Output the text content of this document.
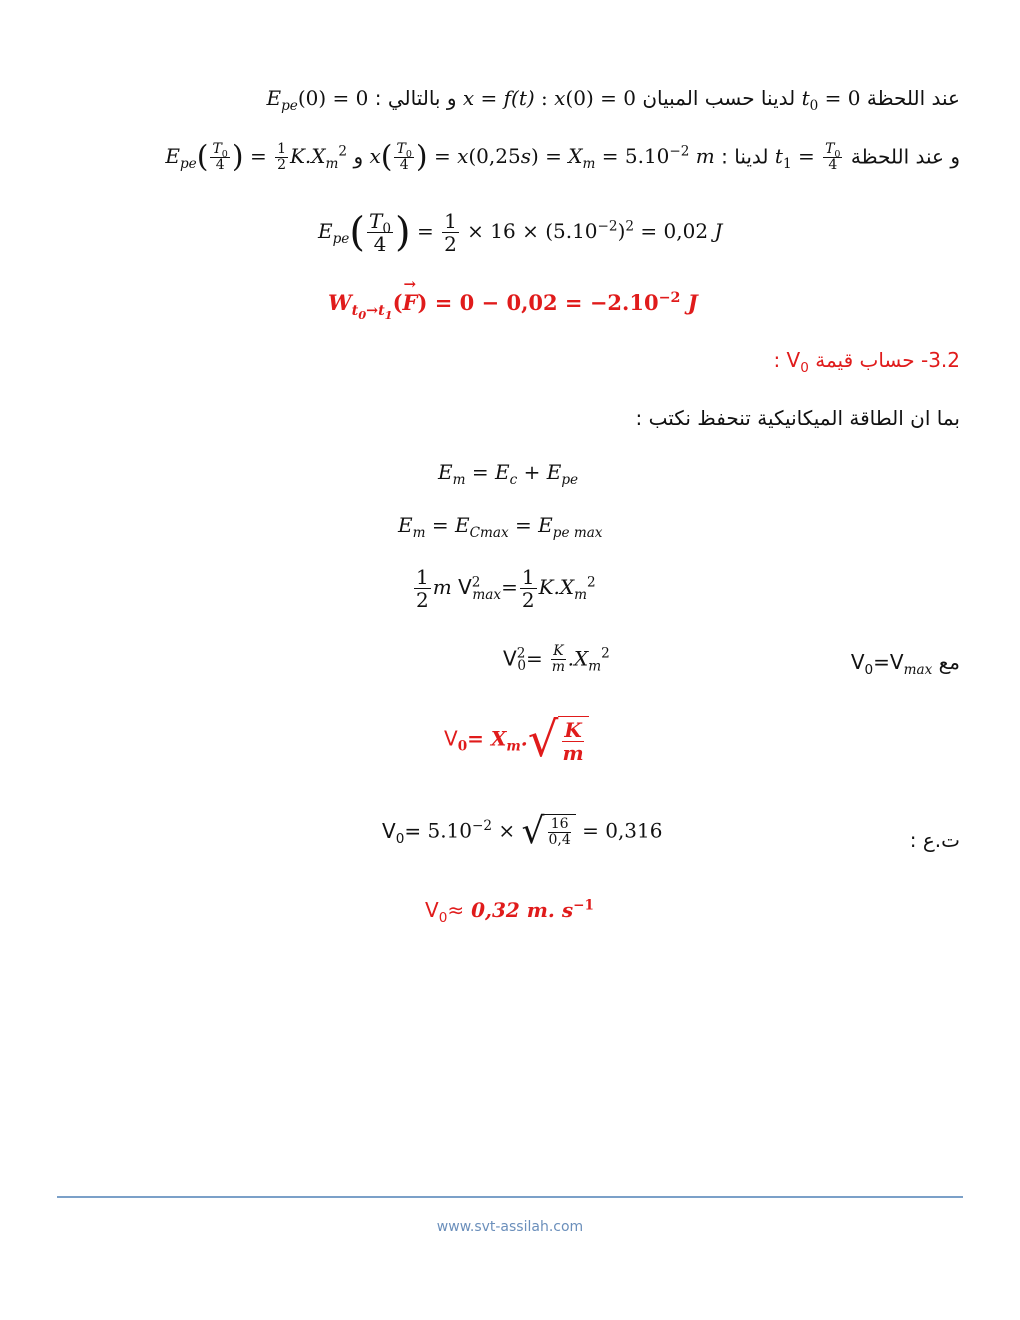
عند اللحظة $t_0 = 0$ لدينا حسب المبيان x = f(t) : x(0) = 0 و بالتالي : $E_{pe}(0) = 0$
و عند اللحظة $t_1 = \frac{T_0}{4}$
لدينا : $x( \frac{T_0}{4}$ ) = $x(0,25s) = X_m = 5.10^{-2}$ m و $E_{pe}( \frac{T_0}{4}$ ) = $\frac{1}{2} K.X_m^2$
$E_{pe}( \frac{T_0}{4}$ ) = $\frac{1}{2} \times 16 \times (5.10^{-2})^2 = 0,02$ J
$W_{t_0\to t_1}(F$
→
) = $0 - 0,02 = -2.10^{-2}$ J
3.2- حساب قيمة $V_0$ :
بما ان الطاقة الميكانيكية تنحفظ نكتب :
$E_m = E_c + E_{pe}$
$E_m = E_{Cmax} = E_{pe max}$
$\frac{1}{2}$ m $V^2_{max}= \frac{1}{2} K.X_m^2$
مع $V_0=V_{max}$
$V^2_0= \frac{K}{m} .X_m^2$
$V_0= X_m$. √ $\frac{K}{m}$
ت.ع :
$V_0= 5.10^{-2}$ × √ $\frac{16}{0,4} = 0,316$
$V_0\approx 0,32$ m. $s^{-1}$
www.svt-assilah.com
